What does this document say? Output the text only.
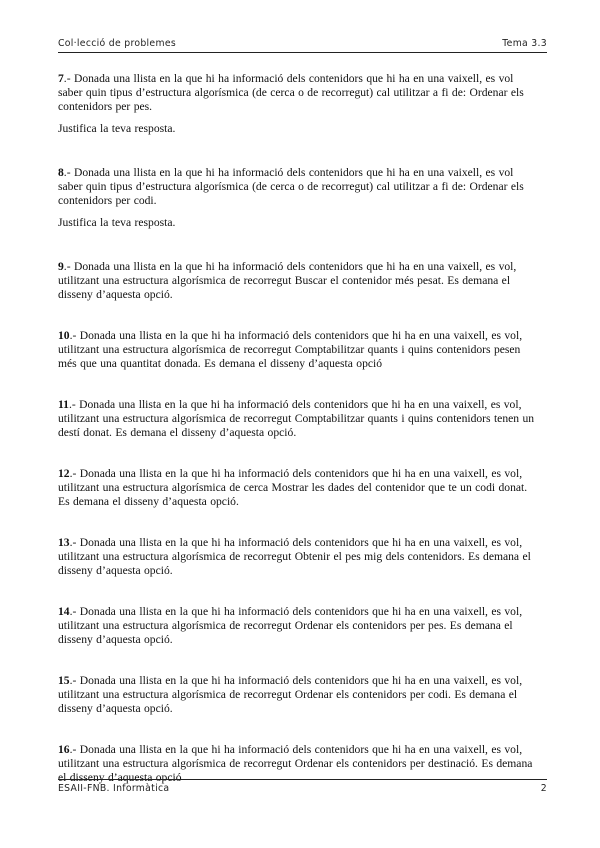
Col·lecció de problemes	Tema 3.3

7.- Donada una llista en la que hi ha informació dels contenidors que hi ha en una vaixell, es vol saber quin tipus d’estructura algorísmica (de cerca o de recorregut) cal utilitzar a fi de: Ordenar els contenidors per pes.

Justifica la teva resposta.

8.- Donada una llista en la que hi ha informació dels contenidors que hi ha en una vaixell, es vol saber quin tipus d’estructura algorísmica (de cerca o de recorregut) cal utilitzar a fi de: Ordenar els contenidors per codi.

Justifica la teva resposta.

9.- Donada una llista en la que hi ha informació dels contenidors que hi ha en una vaixell, es vol, utilitzant una estructura algorísmica de recorregut Buscar el contenidor més pesat. Es demana el disseny d’aquesta opció.

10.- Donada una llista en la que hi ha informació dels contenidors que hi ha en una vaixell, es vol, utilitzant una estructura algorísmica de recorregut Comptabilitzar quants i quins contenidors pesen més que una quantitat donada. Es demana el disseny d’aquesta opció

11.- Donada una llista en la que hi ha informació dels contenidors que hi ha en una vaixell, es vol, utilitzant una estructura algorísmica de recorregut Comptabilitzar quants i quins contenidors tenen un destí donat. Es demana el disseny d’aquesta opció.

12.- Donada una llista en la que hi ha informació dels contenidors que hi ha en una vaixell, es vol, utilitzant una estructura algorísmica de cerca Mostrar les dades del contenidor que te un codi donat. Es demana el disseny d’aquesta opció.

13.- Donada una llista en la que hi ha informació dels contenidors que hi ha en una vaixell, es vol, utilitzant una estructura algorísmica de recorregut Obtenir el pes mig dels contenidors. Es demana el disseny d’aquesta opció.

14.- Donada una llista en la que hi ha informació dels contenidors que hi ha en una vaixell, es vol, utilitzant una estructura algorísmica de recorregut Ordenar els contenidors per pes. Es demana el disseny d’aquesta opció.

15.- Donada una llista en la que hi ha informació dels contenidors que hi ha en una vaixell, es vol, utilitzant una estructura algorísmica de recorregut Ordenar els contenidors per codi. Es demana el disseny d’aquesta opció.

16.- Donada una llista en la que hi ha informació dels contenidors que hi ha en una vaixell, es vol, utilitzant una estructura algorísmica de recorregut Ordenar els contenidors per destinació. Es demana el disseny d’aquesta opció

ESAII-FNB. Informàtica	2
